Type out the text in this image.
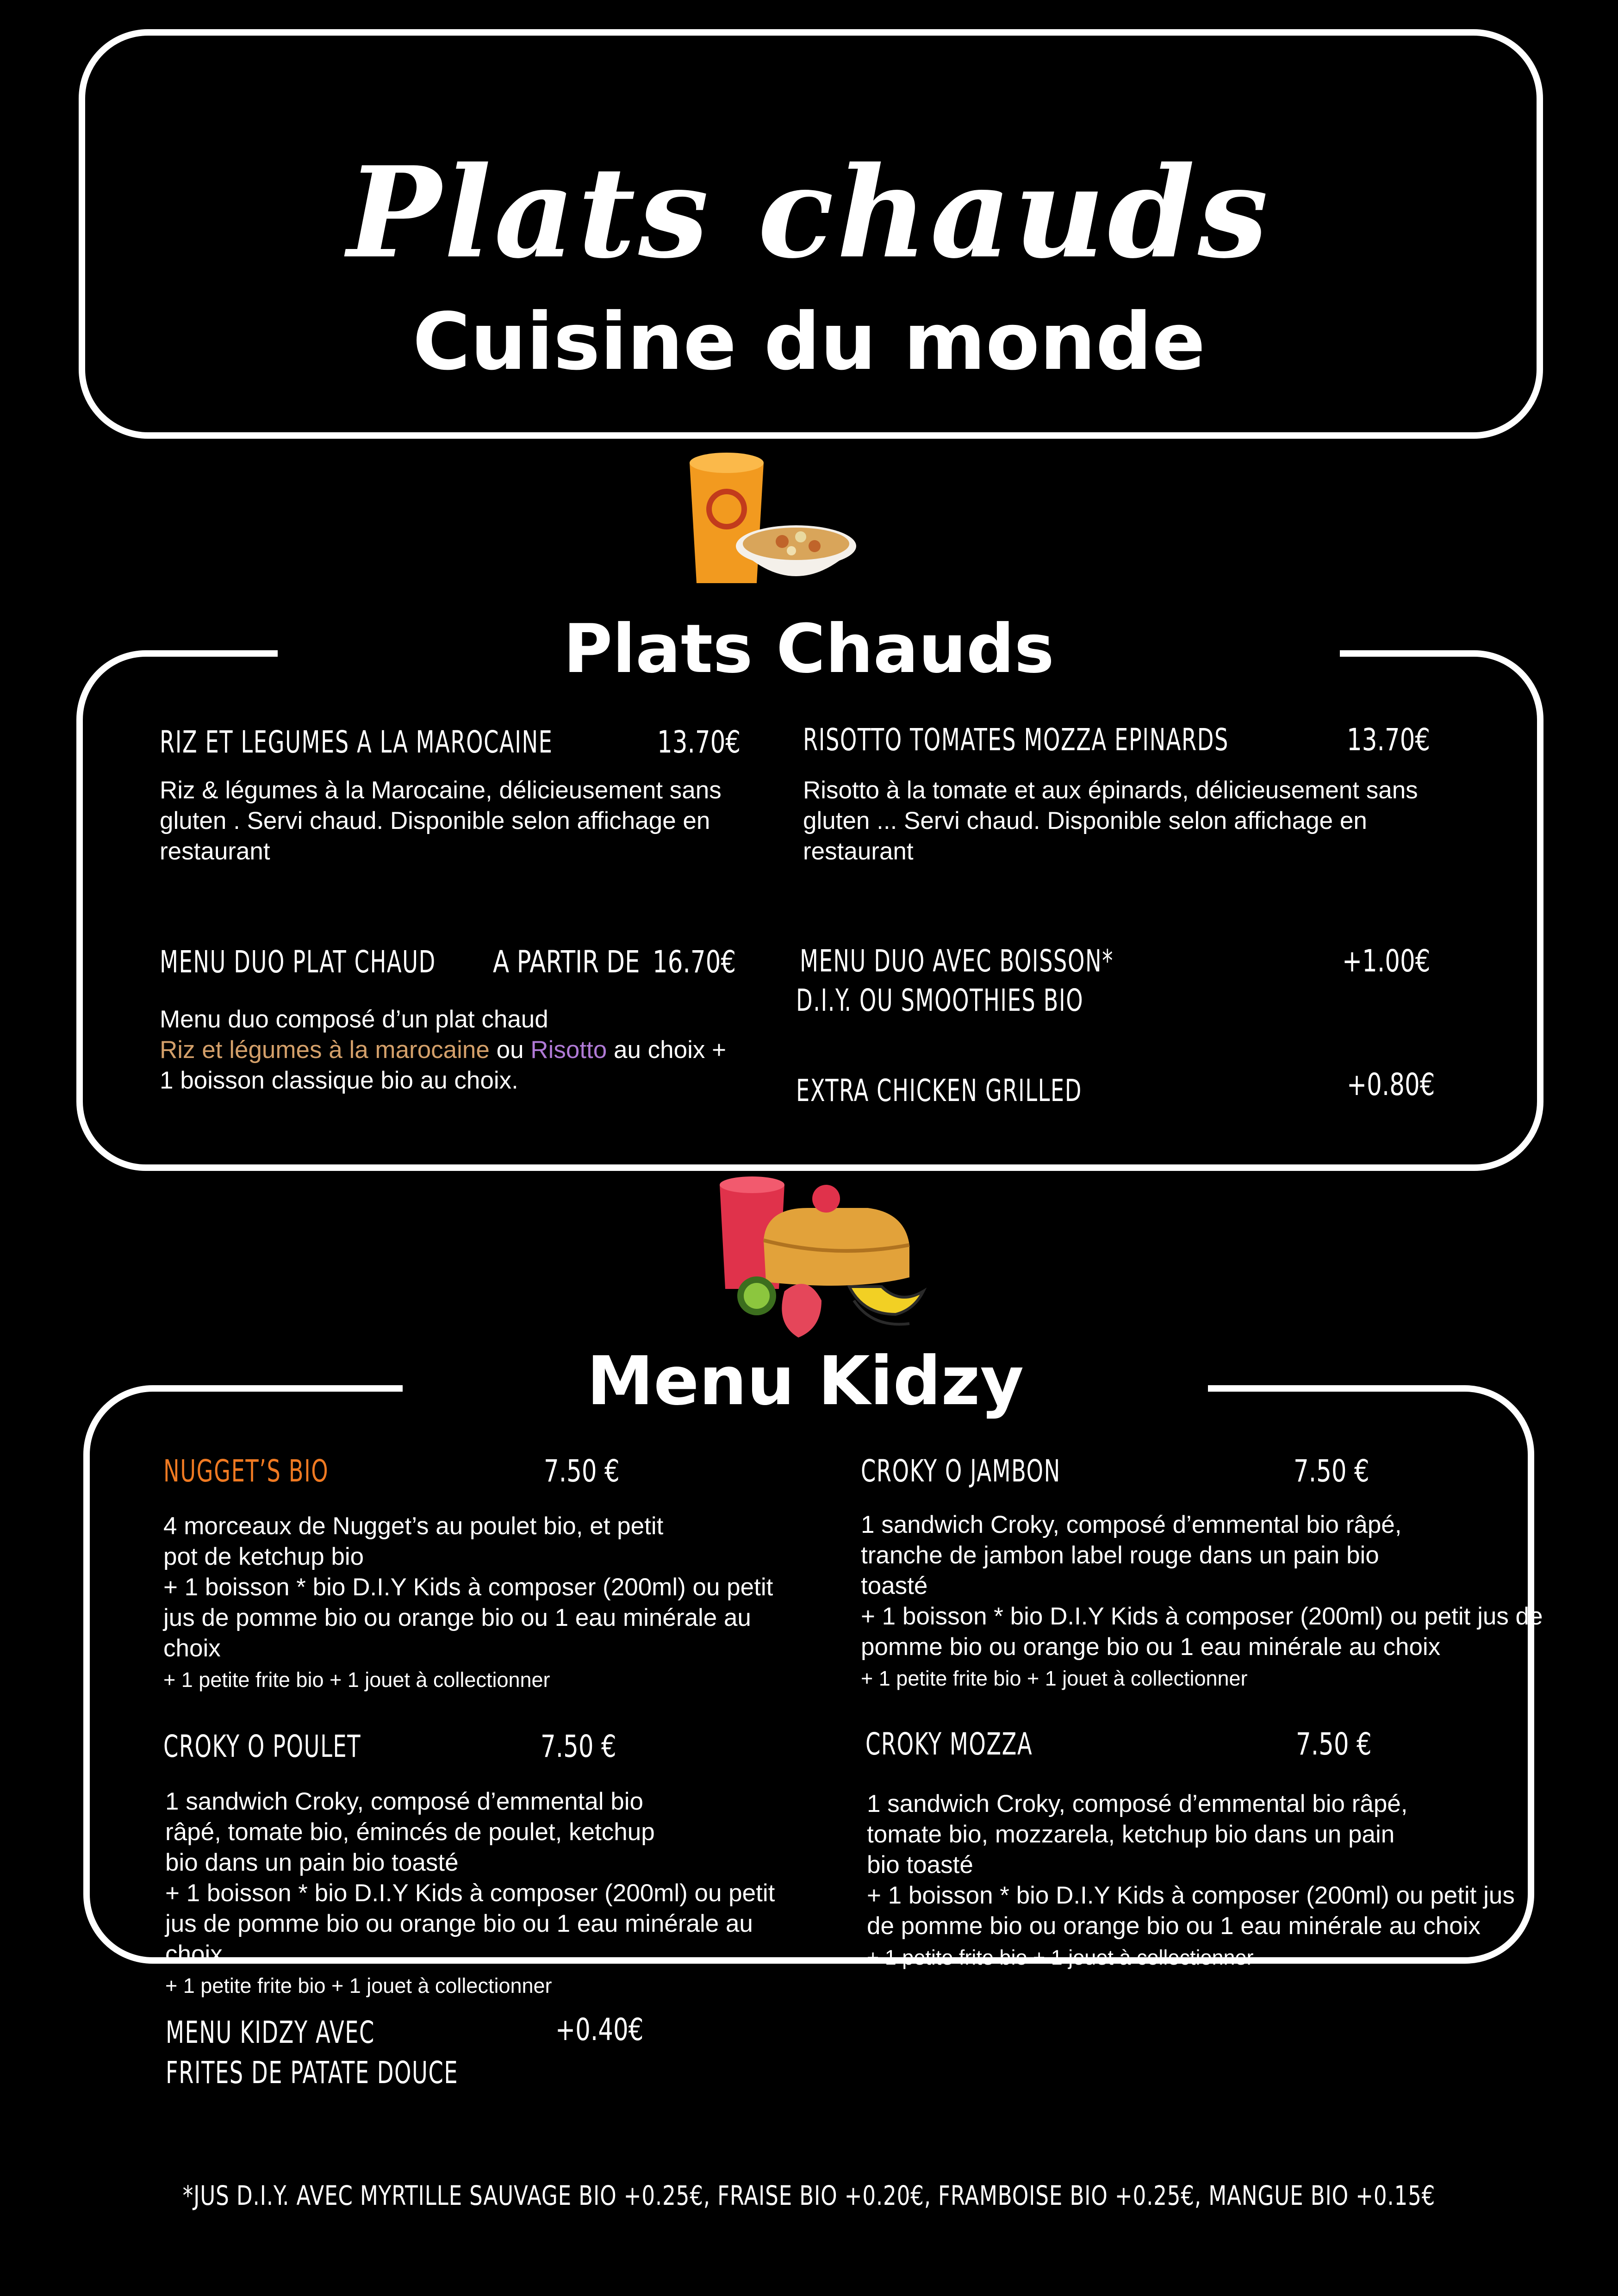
Plats chauds
Cuisine du monde
Plats Chauds
RIZ ET LEGUMES A LA MAROCAINE	13.70€
Riz & légumes à la Marocaine, délicieusement sans gluten . Servi chaud. Disponible selon affichage en restaurant
RISOTTO TOMATES MOZZA EPINARDS	13.70€
Risotto à la tomate et aux épinards, délicieusement sans gluten ... Servi chaud. Disponible selon affichage en restaurant
MENU DUO PLAT CHAUD A PARTIR DE 16.70€
Menu duo composé d’un plat chaud
Riz et légumes à la marocaine ou Risotto au choix +
1 boisson classique bio au choix.
MENU DUO AVEC BOISSON*
D.I.Y. OU SMOOTHIES BIO
+1.00€
EXTRA CHICKEN GRILLED	+0.80€
Menu Kidzy
NUGGET’S BIO	7.50 €
4 morceaux de Nugget’s au poulet bio, et petit
pot de ketchup bio
+ 1 boisson * bio D.I.Y Kids à composer (200ml) ou petit
jus de pomme bio ou orange bio ou 1 eau minérale au
choix
+ 1 petite frite bio + 1 jouet à collectionner
CROKY O JAMBON	7.50 €
1 sandwich Croky, composé d’emmental bio râpé,
tranche de jambon label rouge dans un pain bio
toasté
+ 1 boisson * bio D.I.Y Kids à composer (200ml) ou petit jus de
pomme bio ou orange bio ou 1 eau minérale au choix
+ 1 petite frite bio + 1 jouet à collectionner
CROKY O POULET	7.50 €
1 sandwich Croky, composé d’emmental bio
râpé, tomate bio, émincés de poulet, ketchup
bio dans un pain bio toasté
+ 1 boisson * bio D.I.Y Kids à composer (200ml) ou petit
jus de pomme bio ou orange bio ou 1 eau minérale au
choix
+ 1 petite frite bio + 1 jouet à collectionner
CROKY MOZZA	7.50 €
1 sandwich Croky, composé d’emmental bio râpé,
tomate bio, mozzarela, ketchup bio dans un pain
bio toasté
+ 1 boisson * bio D.I.Y Kids à composer (200ml) ou petit jus
de pomme bio ou orange bio ou 1 eau minérale au choix
+ 1 petite frite bio + 1 jouet à collectionner
MENU KIDZY AVEC
FRITES DE PATATE DOUCE
+0.40€
*JUS D.I.Y. AVEC MYRTILLE SAUVAGE BIO +0.25€, FRAISE BIO +0.20€, FRAMBOISE BIO +0.25€, MANGUE BIO +0.15€
